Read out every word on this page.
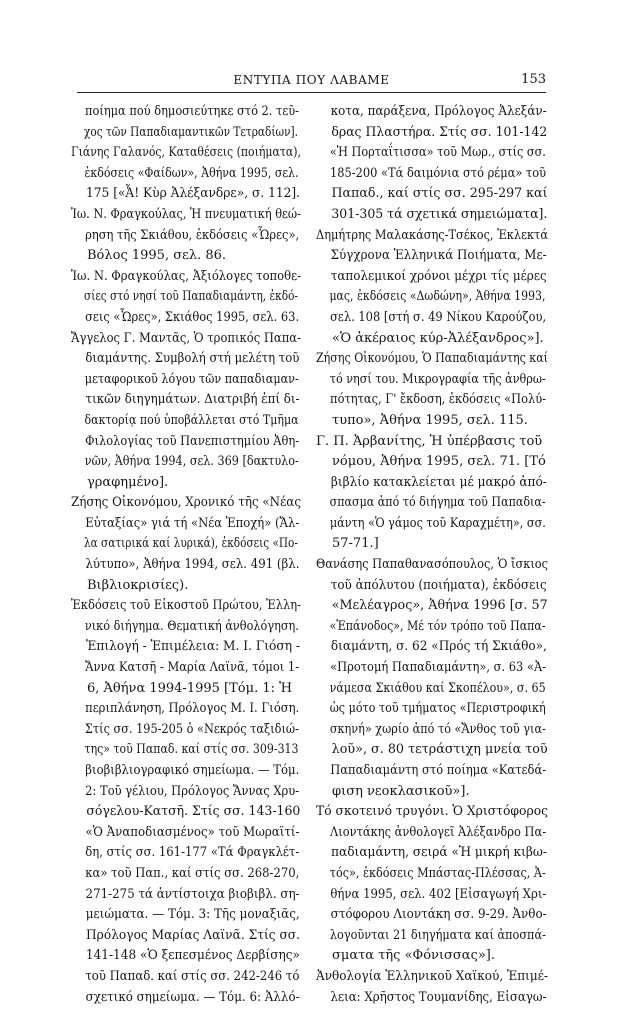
ΕΝΤΥΠΑ ΠΟΥ ΛΑΒΑΜΕ	153
ποίημα πού δημοσιεύτηκε στό 2. τεῦ-
χος τῶν Παπαδιαμαντικῶν Τετραδίων].
Γιάνης Γαλανός, Καταθέσεις (ποιήματα),
ἐκδόσεις «Φαίδων», Ἀθήνα 1995, σελ.
175 [«Ἆ! Κὺρ Ἀλέξανδρε», σ. 112].
Ἰω. Ν. Φραγκούλας, Ἡ πνευματική θεώ-
ρηση τῆς Σκιάθου, ἐκδόσεις «Ὧρες»,
Βόλος 1995, σελ. 86.
Ἰω. Ν. Φραγκούλας, Ἀξιόλογες τοποθε-
σίες στό νησί τοῦ Παπαδιαμάντη, ἐκδό-
σεις «Ὧρες», Σκιάθος 1995, σελ. 63.
Ἄγγελος Γ. Μαντᾶς, Ὁ τροπικός Παπα-
διαμάντης. Συμβολή στή μελέτη τοῦ
μεταφορικοῦ λόγου τῶν παπαδιαμαν-
τικῶν διηγημάτων. Διατριβή ἐπί δι-
δακτορίᾳ πού ὑποβάλλεται στό Τμῆμα
Φιλολογίας τοῦ Πανεπιστημίου Ἀθη-
νῶν, Ἀθήνα 1994, σελ. 369 [δακτυλο-
γραφημένο].
Ζήσης Οἰκονόμου, Χρονικό τῆς «Νέας
Εὐταξίας» γιά τή «Νέα Ἐποχή» (Ἄλ-
λα σατιρικά καί λυρικά), ἐκδόσεις «Πο-
λύτυπο», Ἀθήνα 1994, σελ. 491 (βλ.
Βιβλιοκρισίες).
Ἐκδόσεις τοῦ Εἰκοστοῦ Πρώτου, Ἑλλη-
νικό διήγημα. Θεματική ἀνθολόγηση.
Ἐπιλογή - Ἐπιμέλεια: Μ. Ι. Γιόση -
Ἄννα Κατσῆ - Μαρία Λαϊνᾶ, τόμοι 1-
6, Ἀθήνα 1994-1995 [Τόμ. 1: Ἡ
περιπλάνηση, Πρόλογος Μ. Ι. Γιόση.
Στίς σσ. 195-205 ὁ «Νεκρός ταξιδιώ-
της» τοῦ Παπαδ. καί στίς σσ. 309-313
βιοβιβλιογραφικό σημείωμα. — Τόμ.
2: Τοῦ γέλιου, Πρόλογος Ἄννας Χρυ-
σόγελου-Κατσῆ. Στίς σσ. 143-160
«Ὁ Ἀναποδιασμένος» τοῦ Μωραϊτί-
δη, στίς σσ. 161-177 «Τά Φραγκλέτ-
κα» τοῦ Παπ., καί στίς σσ. 268-270,
271-275 τά ἀντίστοιχα βιοβιβλ. ση-
μειώματα. — Τόμ. 3: Τῆς μοναξιᾶς,
Πρόλογος Μαρίας Λαϊνᾶ. Στίς σσ.
141-148 «Ὁ ξεπεσμένος Δερβίσης»
τοῦ Παπαδ. καί στίς σσ. 242-246 τό
σχετικό σημείωμα. — Τόμ. 6: Ἀλλό-
κοτα, παράξενα, Πρόλογος Ἀλεξάν-
δρας Πλαστήρα. Στίς σσ. 101-142
«Ἡ Πορταΐτισσα» τοῦ Μωρ., στίς σσ.
185-200 «Τά δαιμόνια στό ρέμα» τοῦ
Παπαδ., καί στίς σσ. 295-297 καί
301-305 τά σχετικά σημειώματα].
Δημήτρης Μαλακάσης-Τσέκος, Ἐκλεκτά
Σύγχρονα Ἑλληνικά Ποιήματα, Με-
ταπολεμικοί χρόνοι μέχρι τίς μέρες
μας, ἐκδόσεις «Δωδώνη», Ἀθήνα 1993,
σελ. 108 [στή σ. 49 Νίκου Καρούζου,
«Ὁ ἀκέραιος κύρ-Ἀλέξανδρος»].
Ζήσης Οἰκονόμου, Ὁ Παπαδιαμάντης καί
τό νησί του. Μικρογραφία τῆς ἀνθρω-
πότητας, Γ' ἔκδοση, ἐκδόσεις «Πολύ-
τυπο», Ἀθήνα 1995, σελ. 115.
Γ. Π. Ἀρβανίτης, Ἡ ὑπέρβασις τοῦ
νόμου, Ἀθήνα 1995, σελ. 71. [Τό
βιβλίο κατακλείεται μέ μακρό ἀπό-
σπασμα ἀπό τό διήγημα τοῦ Παπαδια-
μάντη «Ὁ γάμος τοῦ Καραχμέτη», σσ.
57-71.]
Θανάσης Παπαθανασόπουλος, Ὁ ἴσκιος
τοῦ ἀπόλυτου (ποιήματα), ἐκδόσεις
«Μελέαγρος», Ἀθήνα 1996 [σ. 57
«Ἐπάνοδος», Μέ τόν τρόπο τοῦ Παπα-
διαμάντη, σ. 62 «Πρός τή Σκιάθο»,
«Προτομή Παπαδιαμάντη», σ. 63 «Ἀ-
νάμεσα Σκιάθου καί Σκοπέλου», σ. 65
ὡς μότο τοῦ τμήματος «Περιστροφική
σκηνή» χωρίο ἀπό τό «Ἄνθος τοῦ για-
λοῦ», σ. 80 τετράστιχη μνεία τοῦ
Παπαδιαμάντη στό ποίημα «Κατεδά-
φιση νεοκλασικοῦ»].
Τό σκοτεινό τρυγόνι. Ὁ Χριστόφορος
Λιοντάκης ἀνθολογεῖ Ἀλέξανδρο Πα-
παδιαμάντη, σειρά «Ἡ μικρή κιβω-
τός», ἐκδόσεις Μπάστας-Πλέσσας, Ἀ-
θήνα 1995, σελ. 402 [Εἰσαγωγή Χρι-
στόφορου Λιοντάκη σσ. 9-29. Ἀνθο-
λογοῦνται 21 διηγήματα καί ἀποσπά-
σματα τῆς «Φόνισσας»].
Ἀνθολογία Ἑλληνικοῦ Χαϊκού, Ἐπιμέ-
λεια: Χρῆστος Τουμανίδης, Εἰσαγω-
